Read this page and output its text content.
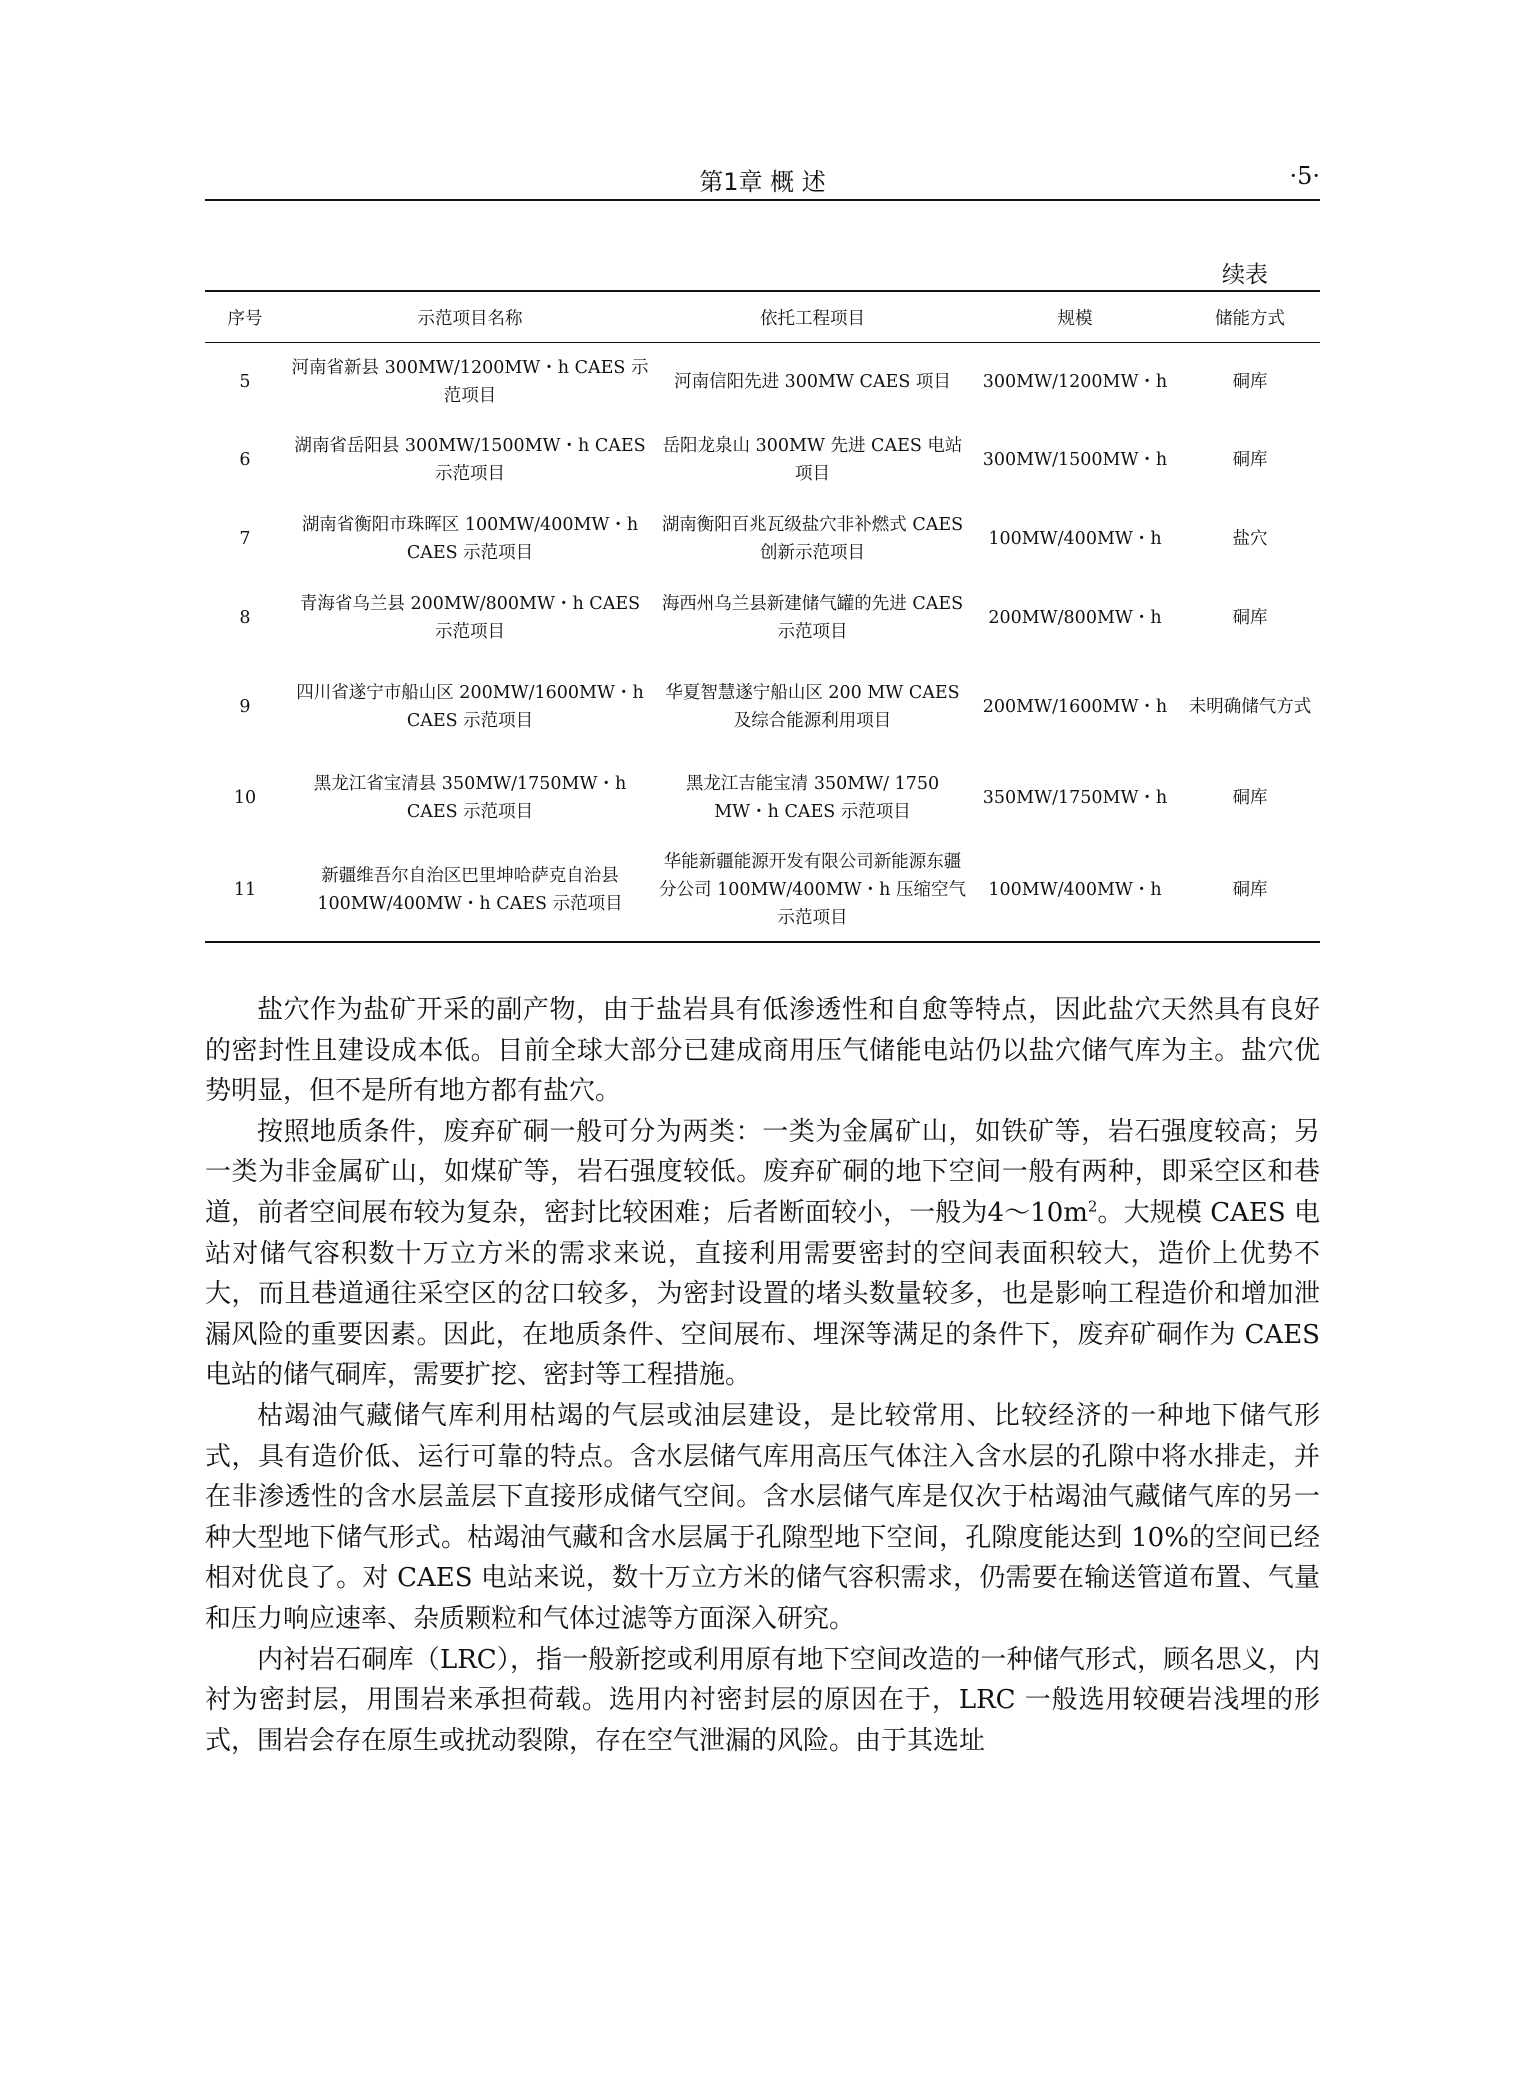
第1章 概 述	·5·
续表
序号	示范项目名称	依托工程项目	规模	储能方式
5	河南省新县 300MW/1200MW・h CAES 示范项目	河南信阳先进 300MW CAES 项目	300MW/1200MW・h	硐库
6	湖南省岳阳县 300MW/1500MW・h CAES 示范项目	岳阳龙泉山 300MW 先进 CAES 电站项目	300MW/1500MW・h	硐库
7	湖南省衡阳市珠晖区 100MW/400MW・h CAES 示范项目	湖南衡阳百兆瓦级盐穴非补燃式 CAES 创新示范项目	100MW/400MW・h	盐穴
8	青海省乌兰县 200MW/800MW・h CAES 示范项目	海西州乌兰县新建储气罐的先进 CAES 示范项目	200MW/800MW・h	硐库
9	四川省遂宁市船山区 200MW/1600MW・h CAES 示范项目	华夏智慧遂宁船山区 200 MW CAES 及综合能源利用项目	200MW/1600MW・h	未明确储气方式
10	黑龙江省宝清县 350MW/1750MW・h CAES 示范项目	黑龙江吉能宝清 350MW/ 1750 MW・h CAES 示范项目	350MW/1750MW・h	硐库
11	新疆维吾尔自治区巴里坤哈萨克自治县 100MW/400MW・h CAES 示范项目	华能新疆能源开发有限公司新能源东疆分公司 100MW/400MW・h 压缩空气示范项目	100MW/400MW・h	硐库

盐穴作为盐矿开采的副产物，由于盐岩具有低渗透性和自愈等特点，因此盐穴天然具有良好的密封性且建设成本低。目前全球大部分已建成商用压气储能电站仍以盐穴储气库为主。盐穴优势明显，但不是所有地方都有盐穴。

按照地质条件，废弃矿硐一般可分为两类：一类为金属矿山，如铁矿等，岩石强度较高；另一类为非金属矿山，如煤矿等，岩石强度较低。废弃矿硐的地下空间一般有两种，即采空区和巷道，前者空间展布较为复杂，密封比较困难；后者断面较小，一般为$4\sim 10m^2$。大规模 CAES 电站对储气容积数十万立方米的需求来说，直接利用需要密封的空间表面积较大，造价上优势不大，而且巷道通往采空区的岔口较多，为密封设置的堵头数量较多，也是影响工程造价和增加泄漏风险的重要因素。因此，在地质条件、空间展布、埋深等满足的条件下，废弃矿硐作为 CAES 电站的储气硐库，需要扩挖、密封等工程措施。

枯竭油气藏储气库利用枯竭的气层或油层建设，是比较常用、比较经济的一种地下储气形式，具有造价低、运行可靠的特点。含水层储气库用高压气体注入含水层的孔隙中将水排走，并在非渗透性的含水层盖层下直接形成储气空间。含水层储气库是仅次于枯竭油气藏储气库的另一种大型地下储气形式。枯竭油气藏和含水层属于孔隙型地下空间，孔隙度能达到 10%的空间已经相对优良了。对 CAES 电站来说，数十万立方米的储气容积需求，仍需要在输送管道布置、气量和压力响应速率、杂质颗粒和气体过滤等方面深入研究。

内衬岩石硐库（LRC），指一般新挖或利用原有地下空间改造的一种储气形式，顾名思义，内衬为密封层，用围岩来承担荷载。选用内衬密封层的原因在于，LRC 一般选用较硬岩浅埋的形式，围岩会存在原生或扰动裂隙，存在空气泄漏的风险。由于其选址
